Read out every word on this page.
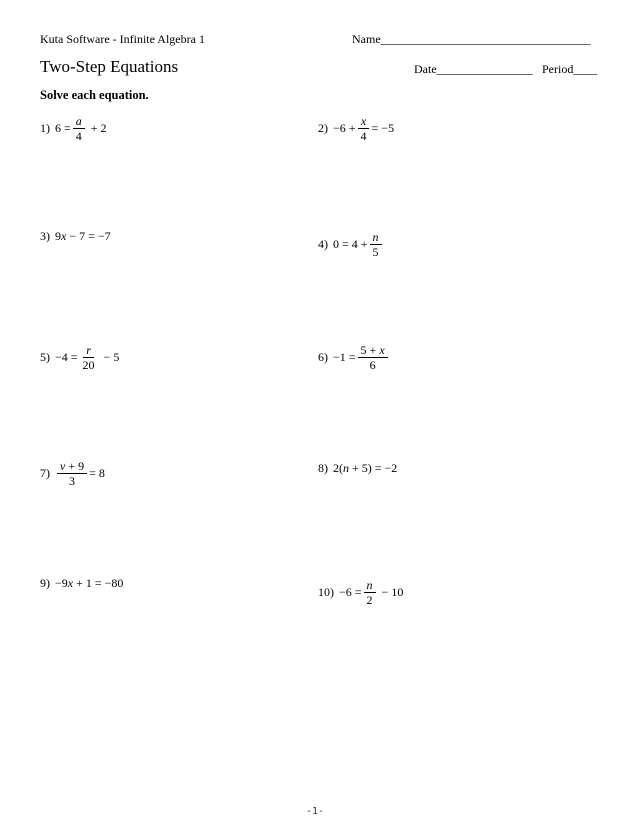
Kuta Software - Infinite Algebra 1	Name___________________________________
Two-Step Equations	Date________________ Period____
Solve each equation.
1) $6 = \frac{a}{4} + 2$	$2) -6 + \frac{x}{4} = -5$
3) 9 x
− 7 = −7
4) $0 = 4 + \frac{n}{5}$
$5) -4 = \frac{r}{20} - 5$	$6) -1 = \frac{5 + x}{6}$
$7) \frac{v + 9}{3} = 8$	8) 2( n
+ 5) = −2
9) −9 x
+ 1 = −80
$10) -6 = \frac{n}{2} - 10$
-1-
